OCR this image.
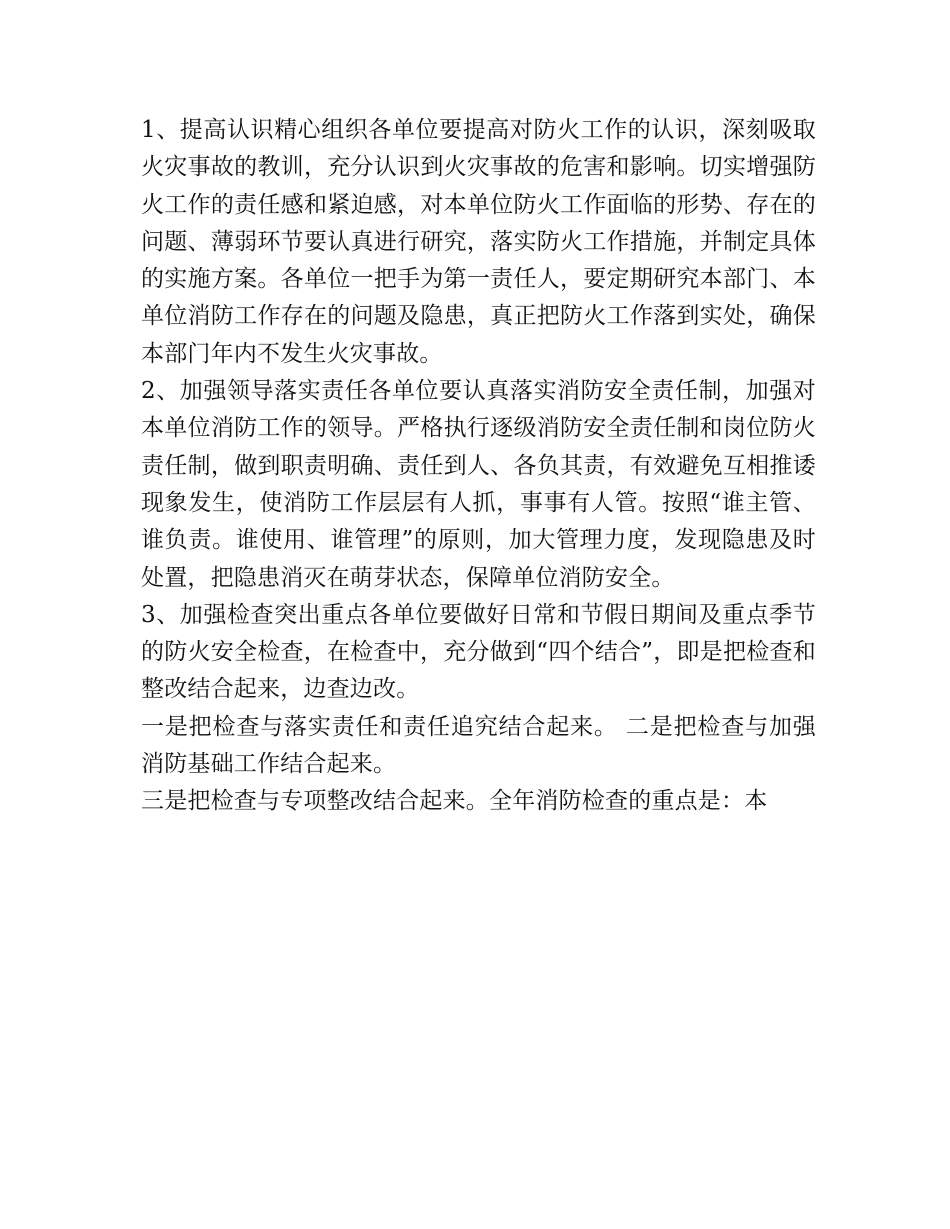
1、提高认识精心组织各单位要提高对防火工作的认识，深刻吸取火灾事故的教训，充分认识到火灾事故的危害和影响。切实增强防火工作的责任感和紧迫感，对本单位防火工作面临的形势、存在的问题、薄弱环节要认真进行研究，落实防火工作措施，并制定具体的实施方案。各单位一把手为第一责任人，要定期研究本部门、本单位消防工作存在的问题及隐患，真正把防火工作落到实处，确保本部门年内不发生火灾事故。

2、加强领导落实责任各单位要认真落实消防安全责任制，加强对本单位消防工作的领导。严格执行逐级消防安全责任制和岗位防火责任制，做到职责明确、责任到人、各负其责，有效避免互相推诿现象发生，使消防工作层层有人抓，事事有人管。按照“谁主管、谁负责。谁使用、谁管理”的原则，加大管理力度，发现隐患及时处置，把隐患消灭在萌芽状态，保障单位消防安全。

3、加强检查突出重点各单位要做好日常和节假日期间及重点季节的防火安全检查，在检查中，充分做到“四个结合”，即是把检查和整改结合起来，边查边改。

一是把检查与落实责任和责任追究结合起来。 二是把检查与加强消防基础工作结合起来。

三是把检查与专项整改结合起来。全年消防检查的重点是：本
